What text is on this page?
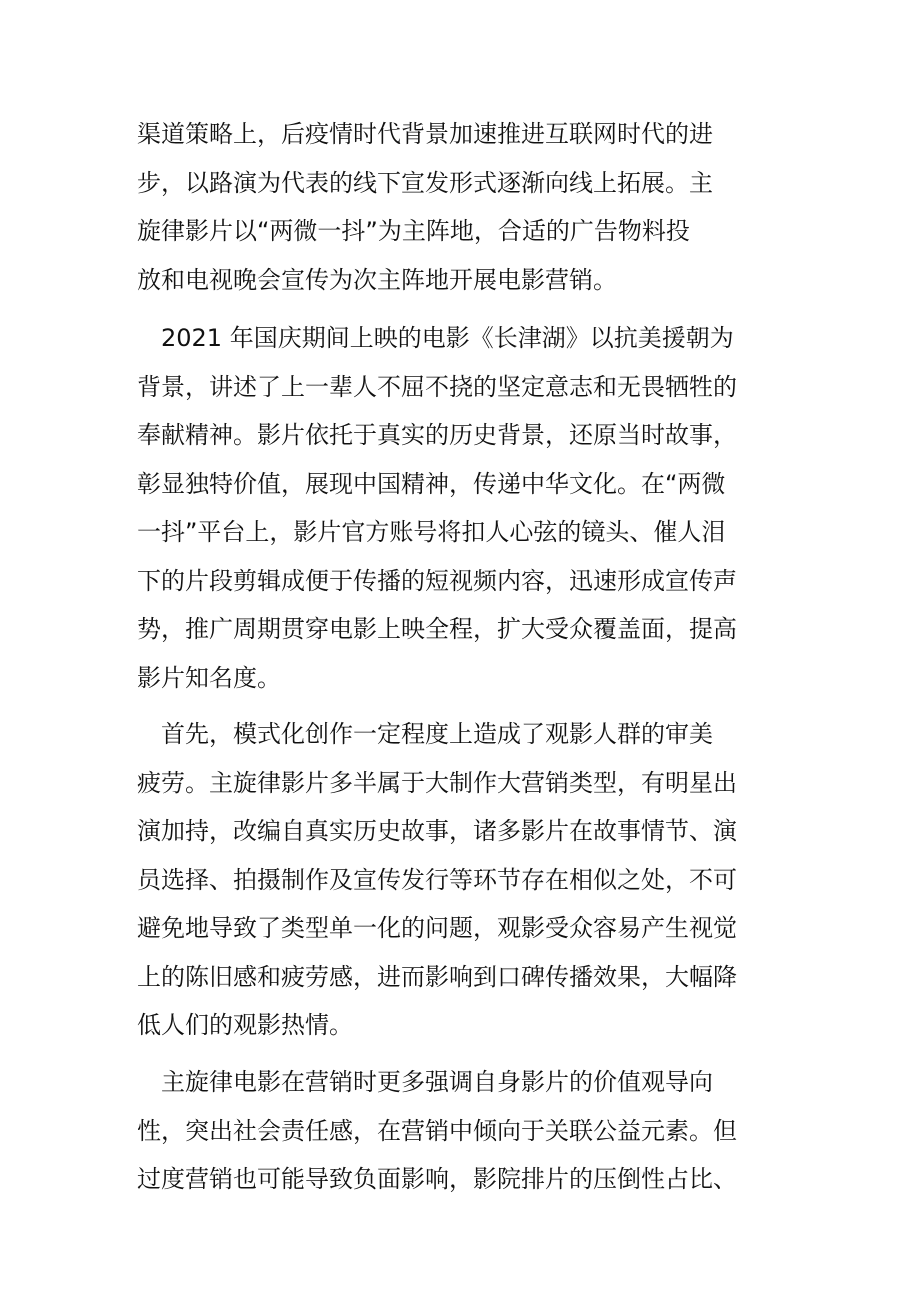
渠道策略上，后疫情时代背景加速推进互联网时代的进
步，以路演为代表的线下宣发形式逐渐向线上拓展。主
旋律影片以“两微一抖”为主阵地，合适的广告物料投
放和电视晚会宣传为次主阵地开展电影营销。
　2021 年国庆期间上映的电影《长津湖》以抗美援朝为
背景，讲述了上一辈人不屈不挠的坚定意志和无畏牺牲的
奉献精神。影片依托于真实的历史背景，还原当时故事，
彰显独特价值，展现中国精神，传递中华文化。在“两微
一抖”平台上，影片官方账号将扣人心弦的镜头、催人泪
下的片段剪辑成便于传播的短视频内容，迅速形成宣传声
势，推广周期贯穿电影上映全程，扩大受众覆盖面，提高
影片知名度。
　首先，模式化创作一定程度上造成了观影人群的审美
疲劳。主旋律影片多半属于大制作大营销类型，有明星出
演加持，改编自真实历史故事，诸多影片在故事情节、演
员选择、拍摄制作及宣传发行等环节存在相似之处，不可
避免地导致了类型单一化的问题，观影受众容易产生视觉
上的陈旧感和疲劳感，进而影响到口碑传播效果，大幅降
低人们的观影热情。
　主旋律电影在营销时更多强调自身影片的价值观导向
性，突出社会责任感，在营销中倾向于关联公益元素。但
过度营销也可能导致负面影响，影院排片的压倒性占比、
